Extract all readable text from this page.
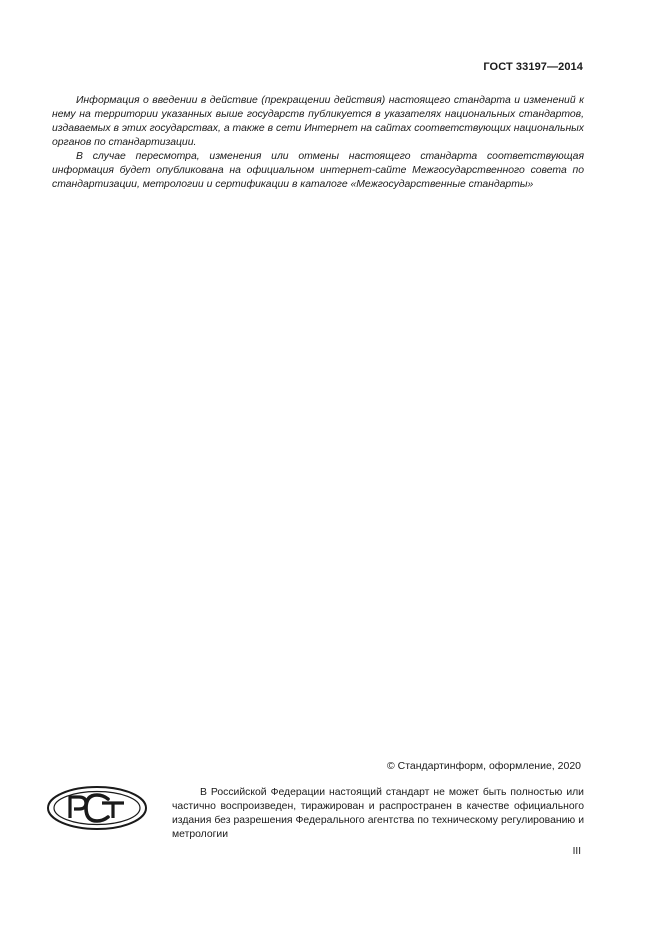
ГОСТ 33197—2014

Информация о введении в действие (прекращении действия) настоящего стандарта и изменений к нему на территории указанных выше государств публикуется в указателях национальных стандартов, издаваемых в этих государствах, а также в сети Интернет на сайтах соответствующих национальных органов по стандартизации.

В случае пересмотра, изменения или отмены настоящего стандарта соответствующая информация будет опубликована на официальном интернет-сайте Межгосударственного совета по стандартизации, метрологии и сертификации в каталоге «Межгосударственные стандарты»

© Стандартинформ, оформление, 2020

В Российской Федерации настоящий стандарт не может быть полностью или частично воспроизведен, тиражирован и распространен в качестве официального издания без разрешения Федерального агентства по техническому регулированию и метрологии

III
